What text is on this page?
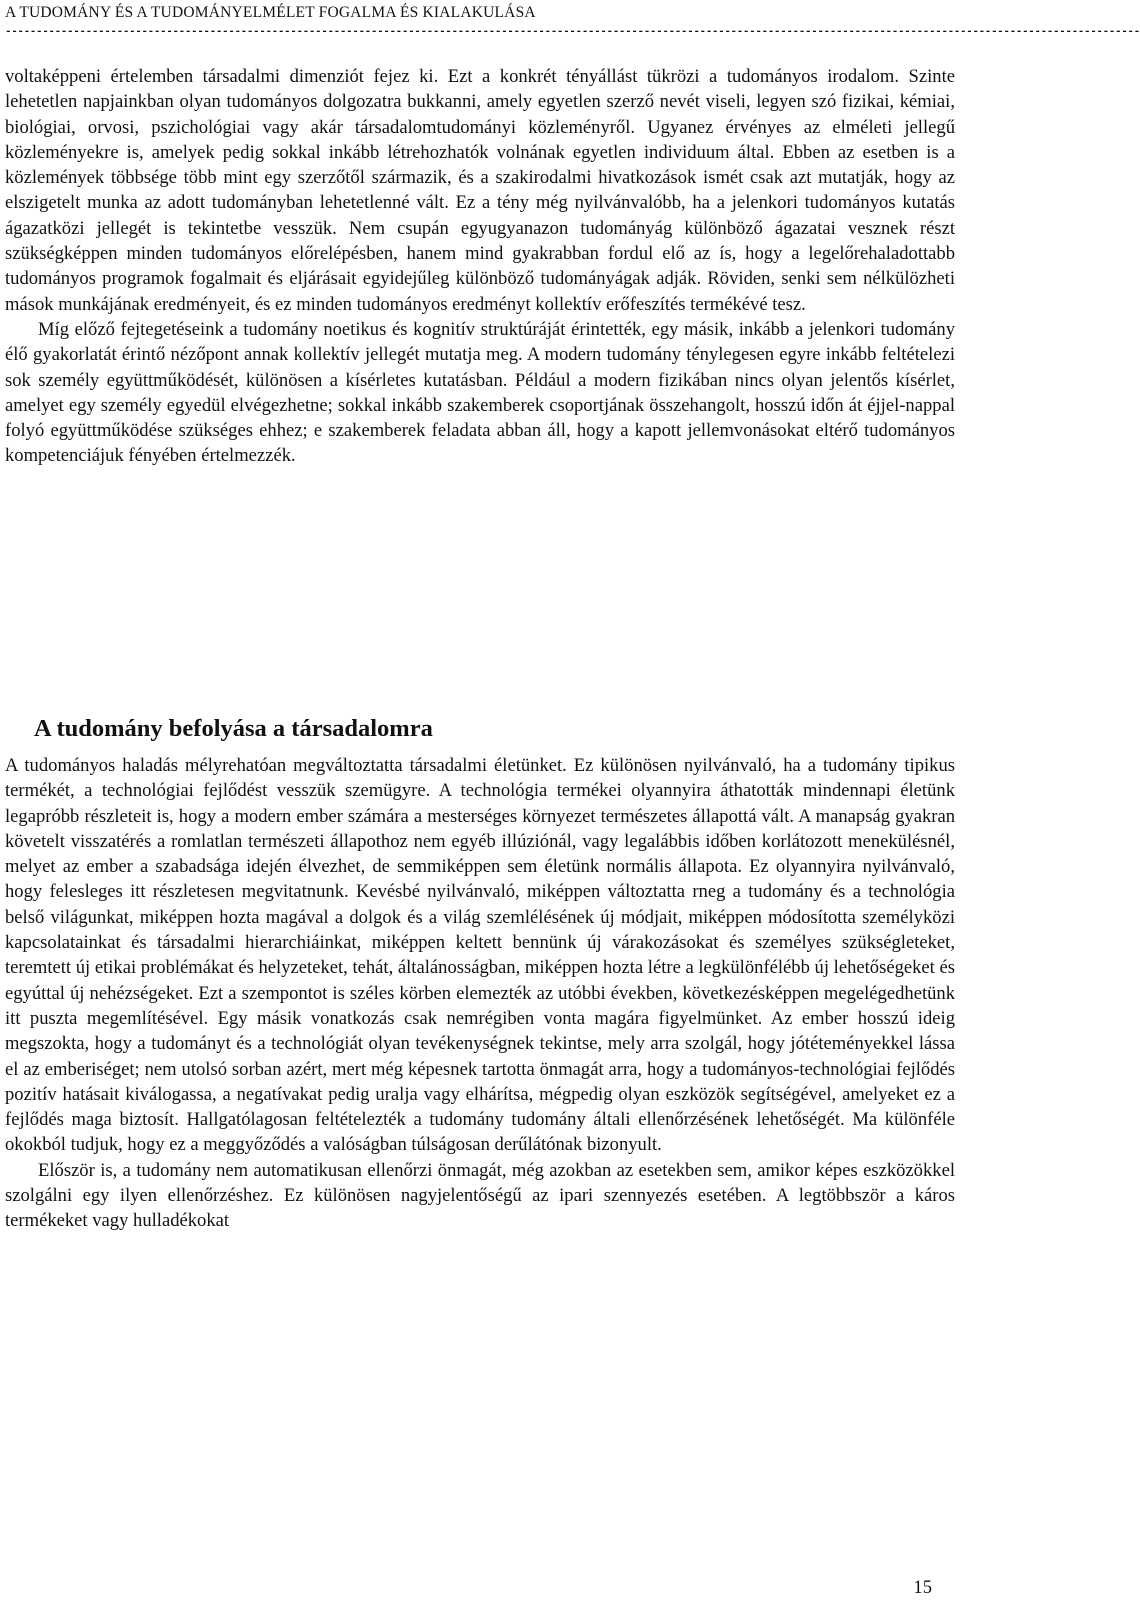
A TUDOMÁNY ÉS A TUDOMÁNYELMÉLET FOGALMA ÉS KIALAKULÁSA
---------------------------------------------------------------------------------------------------------------------------------------------------------------------------------------

voltaképpeni értelemben társadalmi dimenziót fejez ki. Ezt a konkrét tényállást tükrözi a tudományos irodalom. Szinte lehetetlen napjainkban olyan tudományos dolgozatra bukkanni, amely egyetlen szerző nevét viseli, legyen szó fizikai, kémiai, biológiai, orvosi, pszichológiai vagy akár társadalomtudományi közleményről. Ugyanez érvényes az elméleti jellegű közleményekre is, amelyek pedig sokkal inkább létrehozhatók volnának egyetlen individuum által. Ebben az esetben is a közlemények többsége több mint egy szerzőtől származik, és a szakirodalmi hivatkozások ismét csak azt mutatják, hogy az elszigetelt munka az adott tudományban lehetetlenné vált. Ez a tény még nyilvánvalóbb, ha a jelenkori tudományos kutatás ágazatközi jellegét is tekintetbe vesszük. Nem csupán egyugyanazon tudományág különböző ágazatai vesznek részt szükségképpen minden tudományos előrelépésben, hanem mind gyakrabban fordul elő az ís, hogy a legelőrehaladottabb tudományos programok fogalmait és eljárásait egyidejűleg különböző tudományágak adják. Röviden, senki sem nélkülözheti mások munkájának eredményeit, és ez minden tudományos eredményt kollektív erőfeszítés termékévé tesz.

Míg előző fejtegetéseink a tudomány noetikus és kognitív struktúráját érintették, egy másik, inkább a jelenkori tudomány élő gyakorlatát érintő nézőpont annak kollektív jellegét mutatja meg. A modern tudomány ténylegesen egyre inkább feltételezi sok személy együttműködését, különösen a kísérletes kutatásban. Például a modern fizikában nincs olyan jelentős kísérlet, amelyet egy személy egyedül elvégezhetne; sokkal inkább szakemberek csoportjának összehangolt, hosszú időn át éjjel-nappal folyó együttműködése szükséges ehhez; e szakemberek feladata abban áll, hogy a kapott jellemvonásokat eltérő tudományos kompetenciájuk fényében értelmezzék.

A tudomány befolyása a társadalomra

A tudományos haladás mélyrehatóan megváltoztatta társadalmi életünket. Ez különösen nyilvánvaló, ha a tudomány tipikus termékét, a technológiai fejlődést vesszük szemügyre. A technológia termékei olyannyira áthatották mindennapi életünk legapróbb részleteit is, hogy a modern ember számára a mesterséges környezet természetes állapottá vált. A manapság gyakran követelt visszatérés a romlatlan természeti állapothoz nem egyéb illúziónál, vagy legalábbis időben korlátozott menekülésnél, melyet az ember a szabadsága idején élvezhet, de semmiképpen sem életünk normális állapota. Ez olyannyira nyilvánvaló, hogy felesleges itt részletesen megvitatnunk. Kevésbé nyilvánvaló, miképpen változtatta rneg a tudomány és a technológia belső világunkat, miképpen hozta magával a dolgok és a világ szemlélésének új módjait, miképpen módosította személyközi kapcsolatainkat és társadalmi hierarchiáinkat, miképpen keltett bennünk új várakozásokat és személyes szükségleteket, teremtett új etikai problémákat és helyzeteket, tehát, általánosságban, miképpen hozta létre a legkülönfélébb új lehetőségeket és egyúttal új nehézségeket. Ezt a szempontot is széles körben elemezték az utóbbi években, következésképpen megelégedhetünk itt puszta megemlítésével. Egy másik vonatkozás csak nemrégiben vonta magára figyelmünket. Az ember hosszú ideig megszokta, hogy a tudományt és a technológiát olyan tevékenységnek tekintse, mely arra szolgál, hogy jótéteményekkel lássa el az emberiséget; nem utolsó sorban azért, mert még képesnek tartotta önmagát arra, hogy a tudományos-technológiai fejlődés pozitív hatásait kiválogassa, a negatívakat pedig uralja vagy elhárítsa, mégpedig olyan eszközök segítségével, amelyeket ez a fejlődés maga biztosít. Hallgatólagosan feltételezték a tudomány tudomány általi ellenőrzésének lehetőségét. Ma különféle okokból tudjuk, hogy ez a meggyőződés a valóságban túlságosan derűlátónak bizonyult.

Először is, a tudomány nem automatikusan ellenőrzi önmagát, még azokban az esetekben sem, amikor képes eszközökkel szolgálni egy ilyen ellenőrzéshez. Ez különösen nagyjelentőségű az ipari szennyezés esetében. A legtöbbször a káros termékeket vagy hulladékokat

15
